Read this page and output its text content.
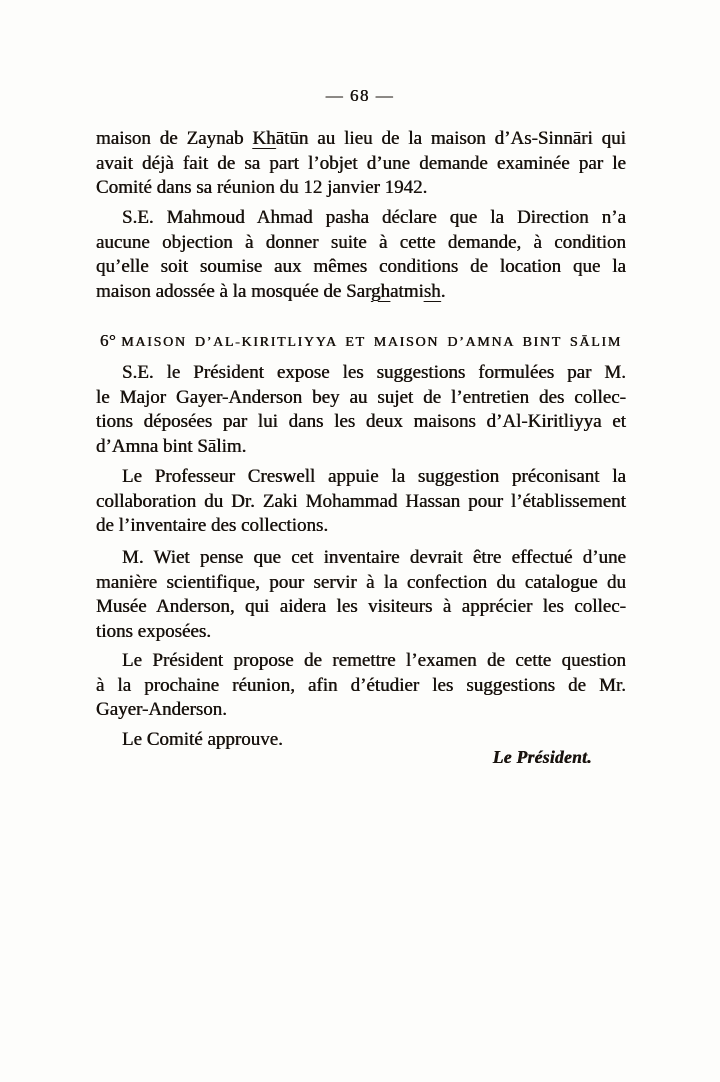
— 68 —
maison de Zaynab Khātūn au lieu de la maison d’As-Sinnāri qui
avait déjà fait de sa part l’objet d’une demande examinée par le
Comité dans sa réunion du 12 janvier 1942.
S.E. Mahmoud Ahmad pasha déclare que la Direction n’a
aucune objection à donner suite à cette demande, à condition
qu’elle soit soumise aux mêmes conditions de location que la
maison adossée à la mosquée de Sarghatmish.
6° MAISON D’AL-KIRITLIYYA ET MAISON D’AMNA BINT SĀLIM
S.E. le Président expose les suggestions formulées par M.
le Major Gayer-Anderson bey au sujet de l’entretien des collec-
tions déposées par lui dans les deux maisons d’Al-Kiritliyya et
d’Amna bint Sālim.
Le Professeur Creswell appuie la suggestion préconisant la
collaboration du Dr. Zaki Mohammad Hassan pour l’établissement
de l’inventaire des collections.
M. Wiet pense que cet inventaire devrait être effectué d’une
manière scientifique, pour servir à la confection du catalogue du
Musée Anderson, qui aidera les visiteurs à apprécier les collec-
tions exposées.
Le Président propose de remettre l’examen de cette question
à la prochaine réunion, afin d’étudier les suggestions de Mr.
Gayer-Anderson.
Le Comité approuve.
Le Président.
